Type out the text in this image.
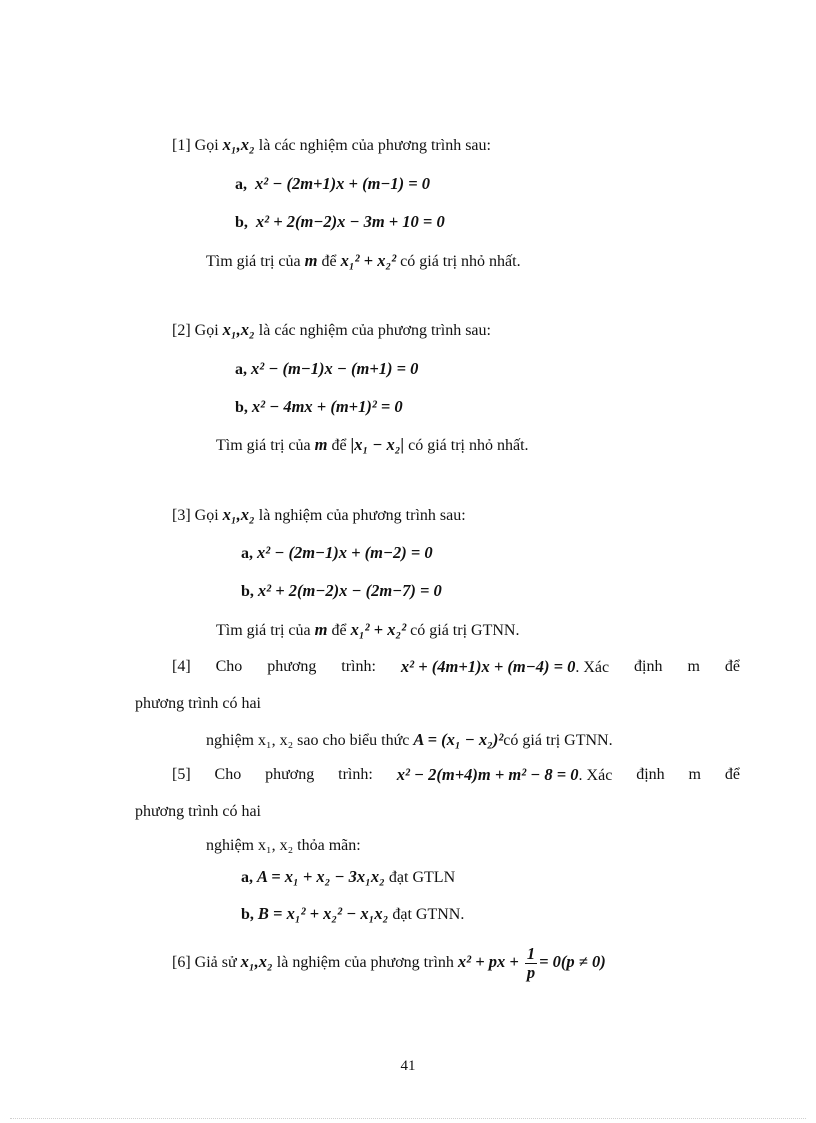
[1] Gọi x₁,x₂ là các nghiệm của phương trình sau:
a, x² − (2m+1)x + (m−1) = 0
b, x² + 2(m−2)x − 3m + 10 = 0
Tìm giá trị của m để x₁² + x₂² có giá trị nhỏ nhất.
[2] Gọi x₁,x₂ là các nghiệm của phương trình sau:
a, x² − (m−1)x − (m+1) = 0
b, x² − 4mx + (m+1)² = 0
Tìm giá trị của m để |x₁ − x₂| có giá trị nhỏ nhất.
[3] Gọi x₁,x₂ là nghiệm của phương trình sau:
a, x² − (2m−1)x + (m−2) = 0
b, x² + 2(m−2)x − (2m−7) = 0
Tìm giá trị của m để x₁² + x₂² có giá trị GTNN.
[4] Cho phương trình: x² + (4m+1)x + (m−4) = 0. Xác định m để
phương trình có hai
nghiệm x₁, x₂ sao cho biểu thức A = (x₁ − x₂)²có giá trị GTNN.
[5] Cho phương trình: x² − 2(m+4)m + m² − 8 = 0. Xác định m để
phương trình có hai
nghiệm x₁, x₂ thỏa mãn:
a, A = x₁ + x₂ − 3x₁x₂ đạt GTLN
b, B = x₁² + x₂² − x₁x₂ đạt GTNN.
[6] Giả sử x₁,x₂ là nghiệm của phương trình x² + px + $\frac{1}{p} = 0(p \ne 0)$
41
